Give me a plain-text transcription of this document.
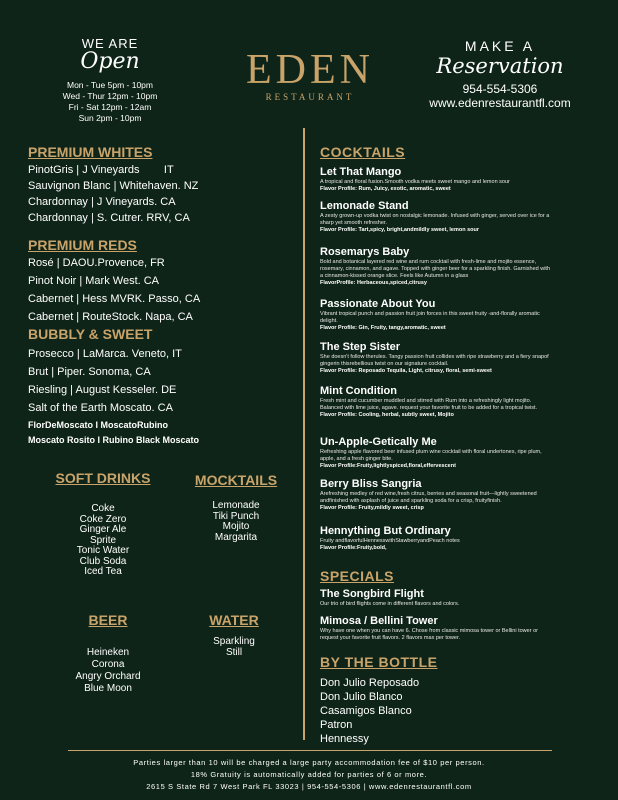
WE ARE
Open
Mon - Tue 5pm - 10pm
Wed - Thur 12pm - 10pm
Fri - Sat 12pm - 12am
Sun 2pm - 10pm
EDEN
RESTAURANT
MAKE A
Reservation
954-554-5306
www.edenrestaurantfl.com
PREMIUM WHITES
PinotGris | J Vineyards        IT
Sauvignon Blanc | Whitehaven. NZ
Chardonnay | J Vineyards. CA
Chardonnay | S. Cutrer. RRV, CA
PREMIUM REDS
Rosé | DAOU.Provence, FR
Pinot Noir | Mark West. CA
Cabernet | Hess MVRK. Passo, CA
Cabernet | RouteStock. Napa, CA
BUBBLY & SWEET
Prosecco | LaMarca. Veneto, IT
Brut | Piper. Sonoma, CA
Riesling | August Kesseler. DE
Salt of the Earth Moscato. CA
FlorDeMoscato I MoscatoRubino
Moscato Rosito I Rubino Black Moscato
SOFT DRINKS
Coke
Coke Zero
Ginger Ale
Sprite
Tonic Water
Club Soda
Iced Tea
MOCKTAILS
Lemonade
Tiki Punch
Mojito
Margarita
BEER
Heineken
Corona
Angry Orchard
Blue Moon
WATER
Sparkling
Still
COCKTAILS
Let That Mango
A tropical and floral fusion.Smooth vodka meets sweet mango and lemon sour
Flavor Profile: Rum, Juicy, exotic, aromatic, sweet
Lemonade Stand
A zesty grown-up vodka twist on nostalgic lemonade. Infused with ginger, served over ice for a sharp yet smooth refresher.
Flavor Profile: Tart,spicy, bright,andmildly sweet, lemon sour
Rosemarys Baby
Bold and botanical layered red wine and rum cocktail with fresh-lime and mojito essence, rosemary, cinnamon, and agave. Topped with ginger beer for a sparkling finish. Garnished with a cinnamon-kissed orange slice. Feels like Autumn in a glass
FlavorProfile: Herbaceous,spiced,citrusy
Passionate About You
Vibrant tropical punch and passion fruit join forces in this sweet fruity -and-florally aromatic delight.
Flavor Profile: Gin, Fruity, tangy,aromatic, sweet
The Step Sister
She doesn't follow therules. Tangy passion fruit collides with ripe strawberry and a fiery snapof gingerin thisrebellious twist on our signature cocktail.
Flavor Profile: Reposado Tequila, Light, citrusy, floral, semi-sweet
Mint Condition
Fresh mint and cucumber muddled and stirred with Rum into a refreshingly light mojito. Balanced with lime juice, agave. request your favorite fruit to be added for a tropical twist.
Flavor Profile: Cooling, herbal, subtly sweet, Mojito
Un-Apple-Getically Me
Refreshing apple flavored beer infused plum wine cocktail with floral undertones, ripe plum, apple, and a fresh ginger bite.
Flavor Profile:Fruity,lightlyspiced,floral,effervescent
Berry Bliss Sangria
Arefreshing medley of red wine,fresh citrus, berries and seasonal fruit—lightly sweetened andfinished with asplash of juice and sparkling soda for a crisp, fruityfinish.
Flavor Profile: Fruity,mildly sweet, crisp
Hennything But Ordinary
Fruity andflavorfulHennesswithStawberryandPeach notes
Flavor Profile:Fruity,bold,
SPECIALS
The Songbird Flight
Our trio of bird flights come in different flavors and colors.
Mimosa / Bellini Tower
Why have one when you can have 6. Chose from classic mimosa tower or Bellini tower or request your favorite fruit flavors. 2 flavors max per tower.
BY THE BOTTLE
Don Julio Reposado
Don Julio Blanco
Casamigos Blanco
Patron
Hennessy
Parties larger than 10 will be charged a large party accommodation fee of $10 per person.
18% Gratuity is automatically added for parties of 6 or more.
2615 S State Rd 7 West Park FL 33023 | 954-554-5306 | www.edenrestaurantfl.com
